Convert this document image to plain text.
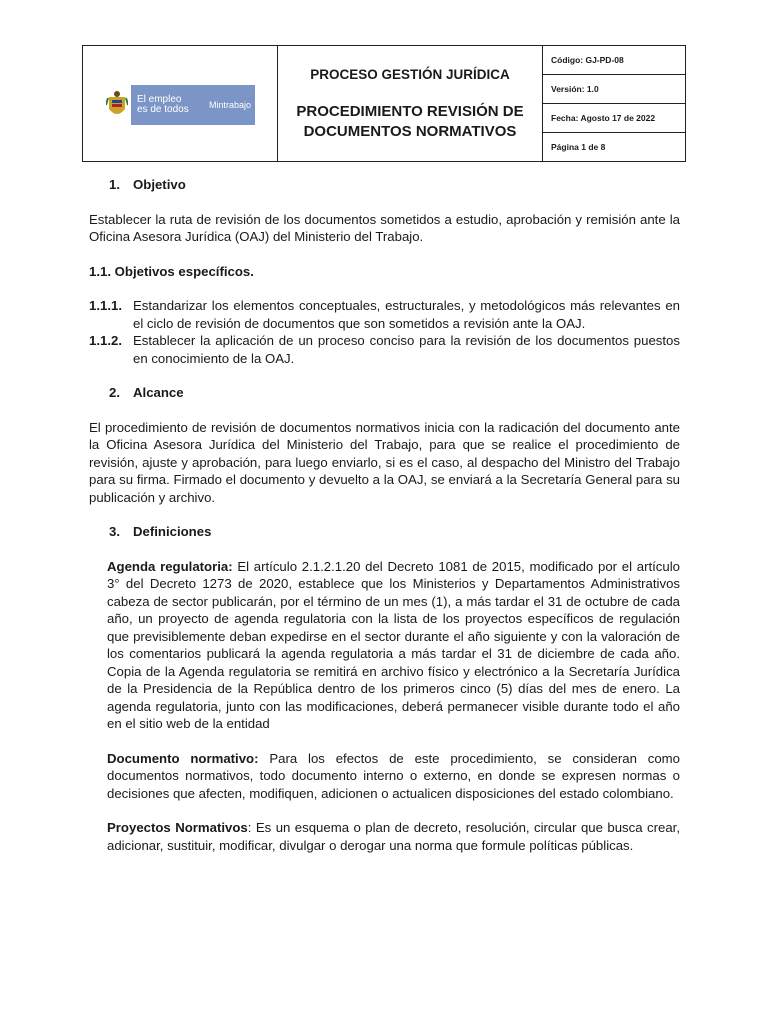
El empleo
es de todos	Mintrabajo
PROCESO GESTIÓN JURÍDICA
PROCEDIMIENTO REVISIÓN DE
DOCUMENTOS NORMATIVOS
Código: GJ-PD-08
Versión: 1.0
Fecha: Agosto 17 de 2022
Página 1 de 8
1. Objetivo

Establecer la ruta de revisión de los documentos sometidos a estudio, aprobación y remisión ante la Oficina Asesora Jurídica (OAJ) del Ministerio del Trabajo.

1.1. Objetivos específicos.
1.1.1. Estandarizar los elementos conceptuales, estructurales, y metodológicos más relevantes en el ciclo de revisión de documentos que son sometidos a revisión ante la OAJ.
1.1.2. Establecer la aplicación de un proceso conciso para la revisión de los documentos puestos en conocimiento de la OAJ.
2. Alcance

El procedimiento de revisión de documentos normativos inicia con la radicación del documento ante la Oficina Asesora Jurídica del Ministerio del Trabajo, para que se realice el procedimiento de revisión, ajuste y aprobación, para luego enviarlo, si es el caso, al despacho del Ministro del Trabajo para su firma. Firmado el documento y devuelto a la OAJ, se enviará a la Secretaría General para su publicación y archivo.

3. Definiciones

Agenda regulatoria: El artículo 2.1.2.1.20 del Decreto 1081 de 2015, modificado por el artículo 3° del Decreto 1273 de 2020, establece que los Ministerios y Departamentos Administrativos cabeza de sector publicarán, por el término de un mes (1), a más tardar el 31 de octubre de cada año, un proyecto de agenda regulatoria con la lista de los proyectos específicos de regulación que previsiblemente deban expedirse en el sector durante el año siguiente y con la valoración de los comentarios publicará la agenda regulatoria a más tardar el 31 de diciembre de cada año. Copia de la Agenda regulatoria se remitirá en archivo físico y electrónico a la Secretaría Jurídica de la Presidencia de la República dentro de los primeros cinco (5) días del mes de enero. La agenda regulatoria, junto con las modificaciones, deberá permanecer visible durante todo el año en el sitio web de la entidad

Documento normativo: Para los efectos de este procedimiento, se consideran como documentos normativos, todo documento interno o externo, en donde se expresen normas o decisiones que afecten, modifiquen, adicionen o actualicen disposiciones del estado colombiano.

Proyectos Normativos: Es un esquema o plan de decreto, resolución, circular que busca crear, adicionar, sustituir, modificar, divulgar o derogar una norma que formule políticas públicas.
